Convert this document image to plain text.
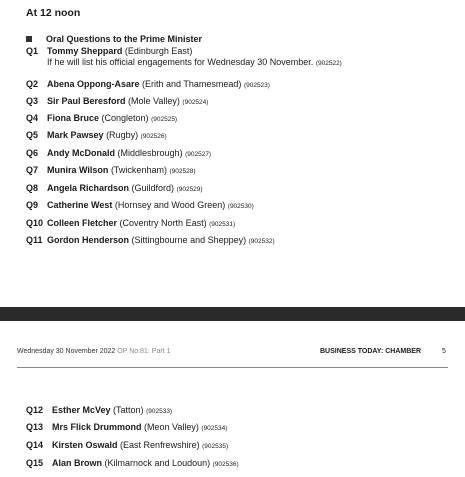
At 12 noon
Oral Questions to the Prime Minister
Q1 Tommy Sheppard (Edinburgh East)
If he will list his official engagements for Wednesday 30 November. (902522)
Q2 Abena Oppong-Asare (Erith and Thamesmead) (902523)
Q3 Sir Paul Beresford (Mole Valley) (902524)
Q4 Fiona Bruce (Congleton) (902525)
Q5 Mark Pawsey (Rugby) (902526)
Q6 Andy McDonald (Middlesbrough) (902527)
Q7 Munira Wilson (Twickenham) (902528)
Q8 Angela Richardson (Guildford) (902529)
Q9 Catherine West (Hornsey and Wood Green) (902530)
Q10 Colleen Fletcher (Coventry North East) (902531)
Q11 Gordon Henderson (Sittingbourne and Sheppey) (902532)
Wednesday 30 November 2022 OP No.81: Part 1	BUSINESS TODAY: CHAMBER	5
Q12 Esther McVey (Tatton) (902533)
Q13 Mrs Flick Drummond (Meon Valley) (902534)
Q14 Kirsten Oswald (East Renfrewshire) (902535)
Q15 Alan Brown (Kilmarnock and Loudoun) (902536)
